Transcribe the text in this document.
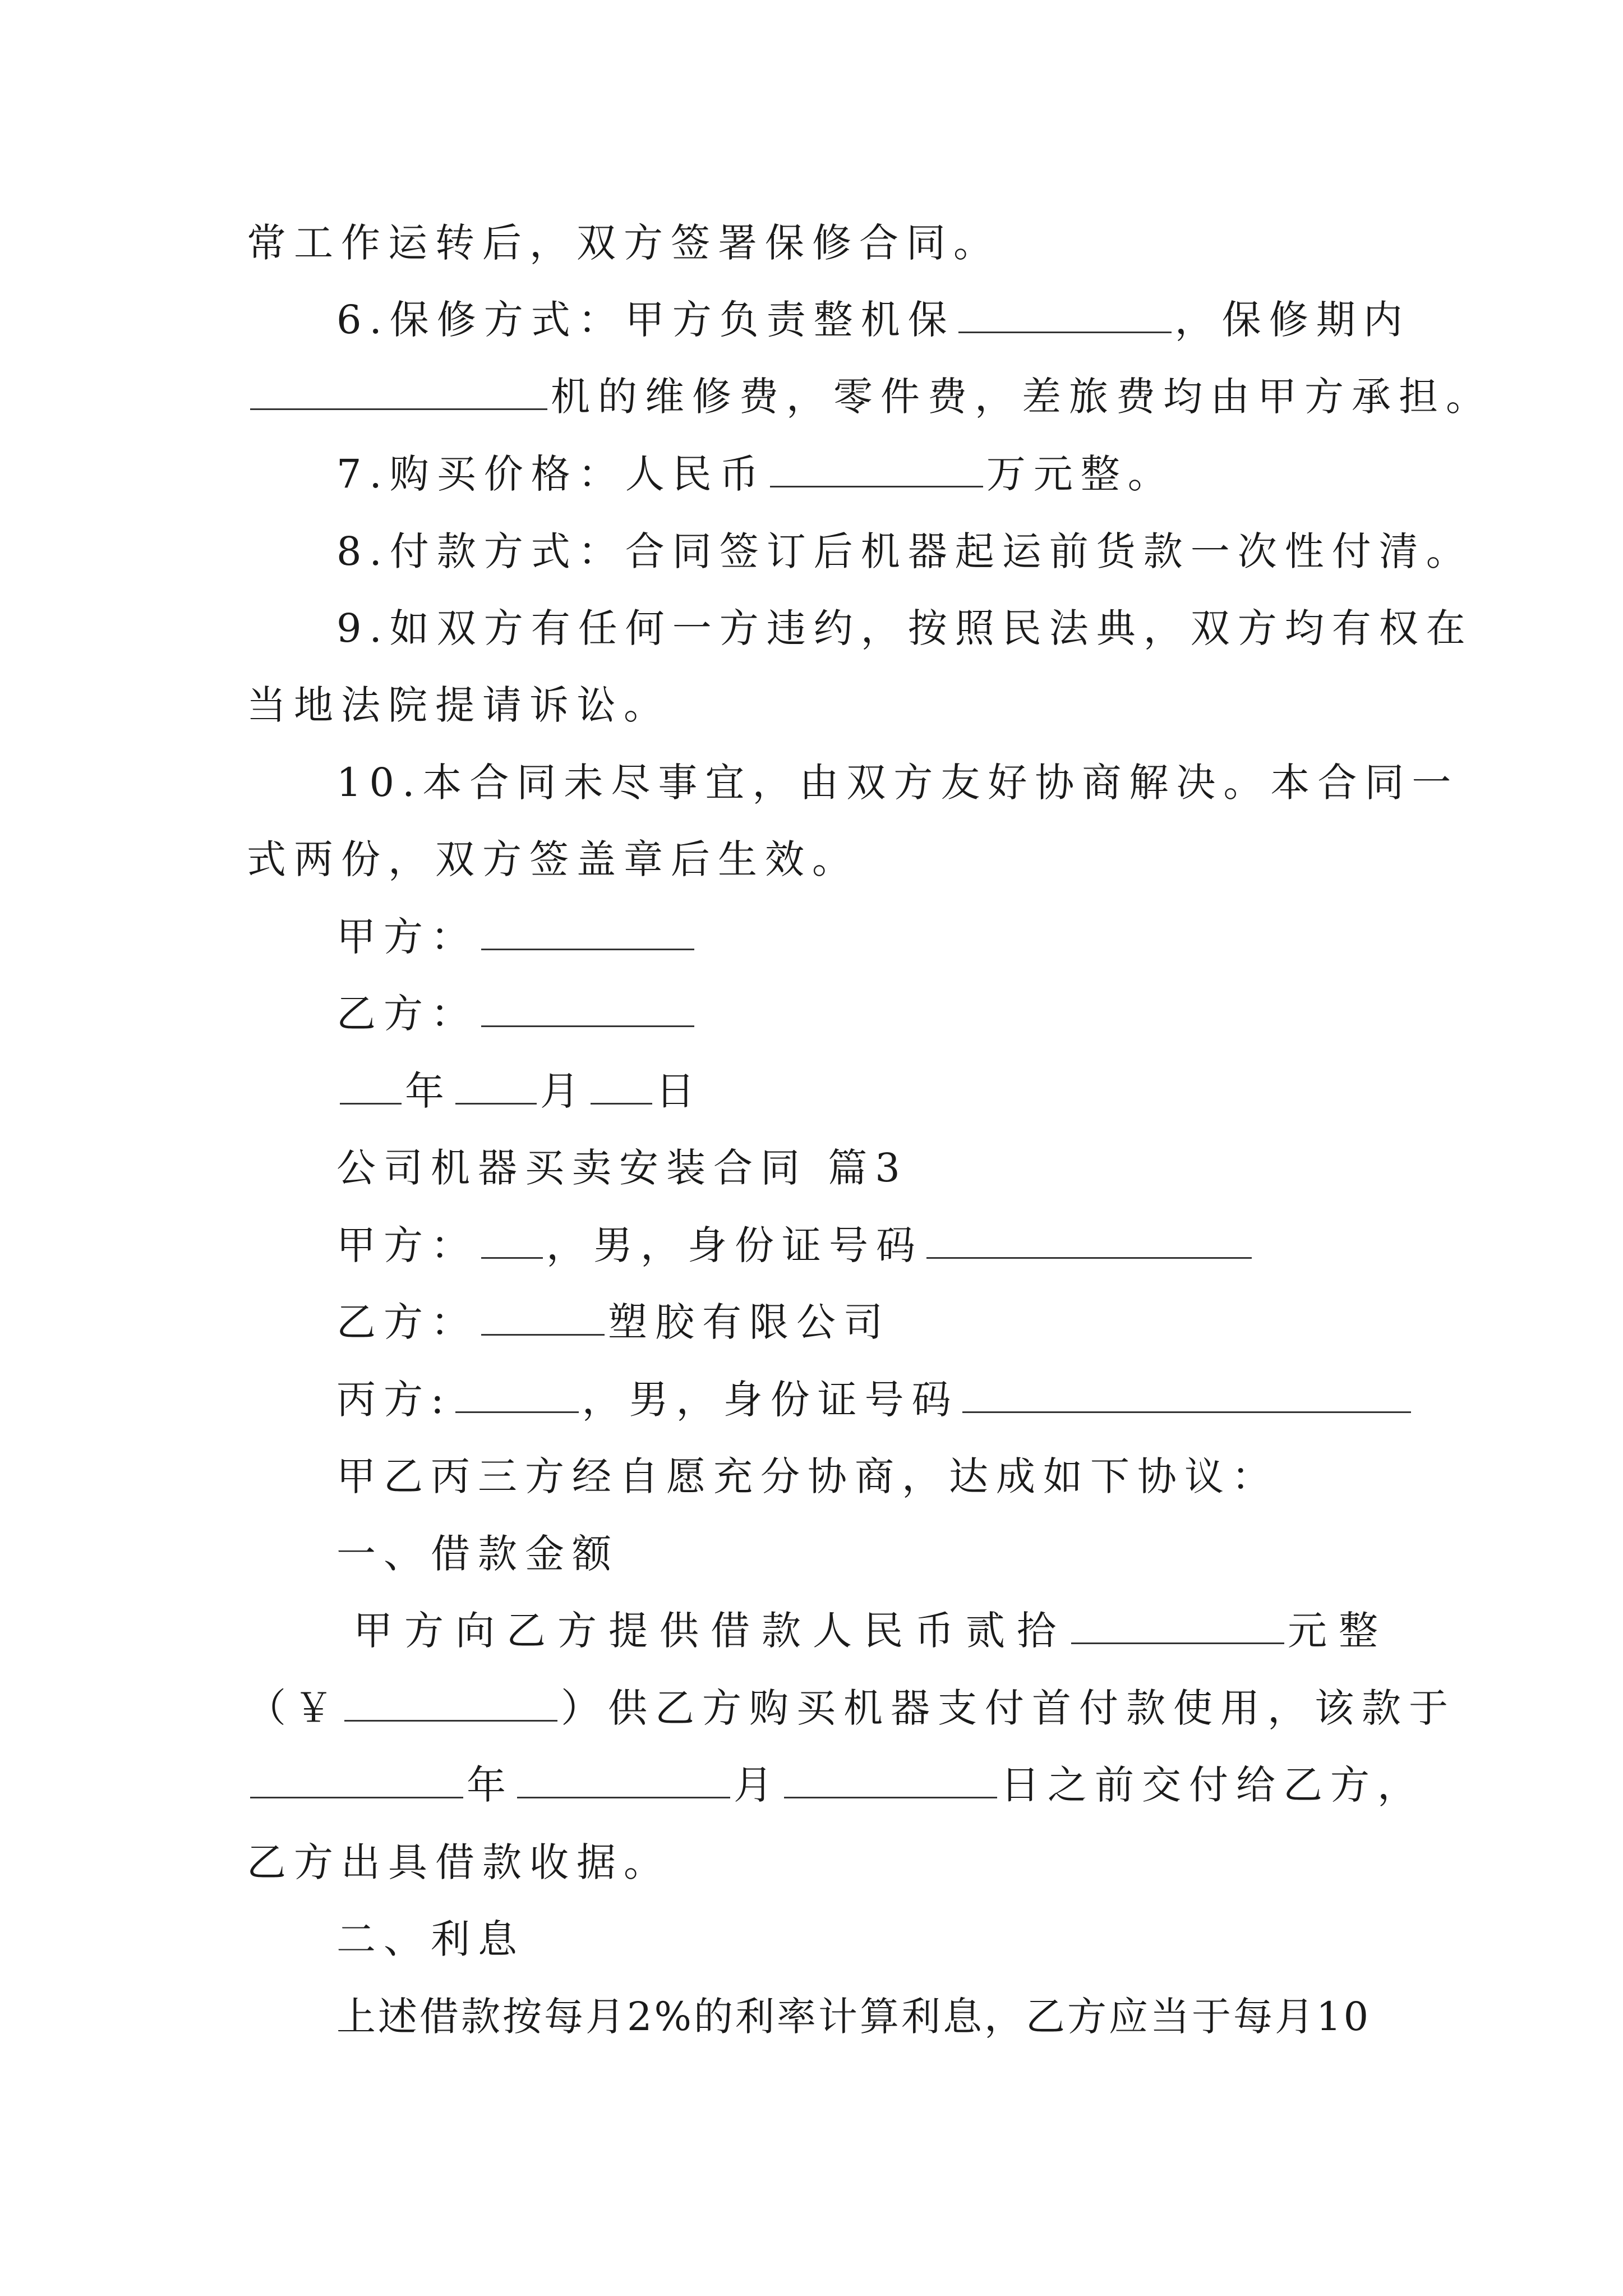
常工作运转后，双方签署保修合同。

6.保修方式：甲方负责整机保	，保修期内

机的维修费，零件费，差旅费均由甲方承担。

7.购买价格：人民币	万元整。

8.付款方式：合同签订后机器起运前货款一次性付清。

9.如双方有任何一方违约，按照民法典，双方均有权在

当地法院提请诉讼。

10.本合同未尽事宜，由双方友好协商解决。本合同一

式两份，双方签盖章后生效。

甲方：

乙方：

年 月 日

公司机器买卖安装合同 篇3

甲方： ，男，身份证号码

乙方：	塑胶有限公司

丙方:	，男，身份证号码

甲乙丙三方经自愿充分协商，达成如下协议：

一、借款金额

甲方向乙方提供借款人民币贰拾	元整

（￥	）供乙方购买机器支付首付款使用，该款于

年	月	日之前交付给乙方，

乙方出具借款收据。

二、利息

上述借款按每月2%的利率计算利息，乙方应当于每月10
